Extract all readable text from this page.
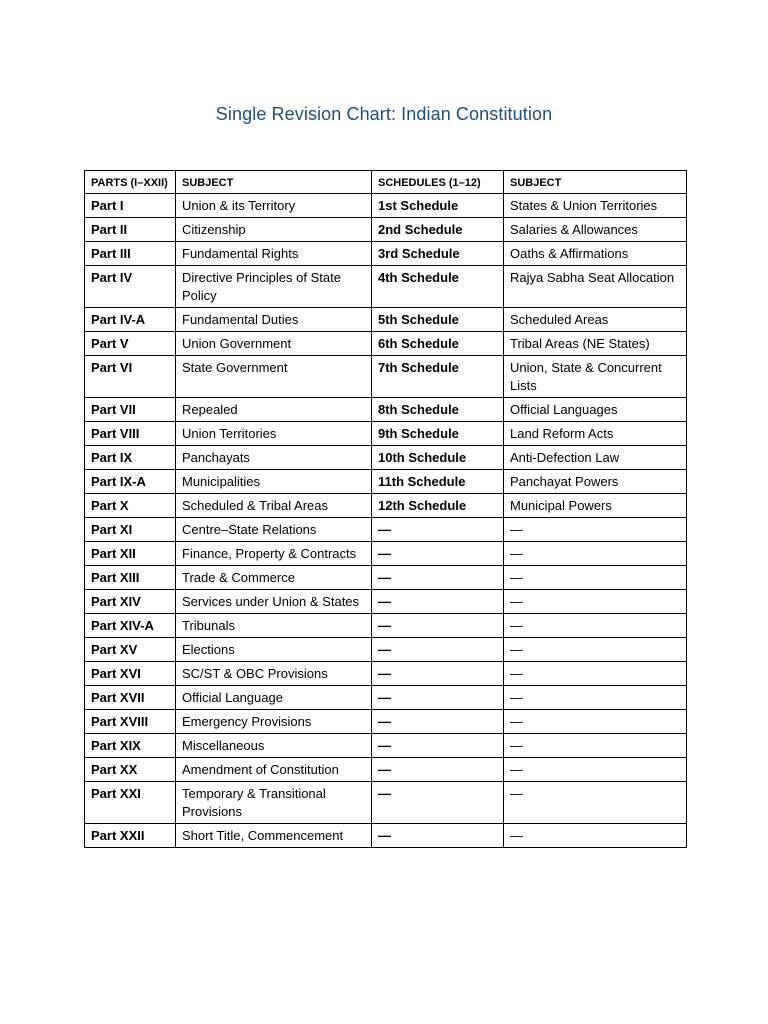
Single Revision Chart: Indian Constitution
PARTS (I–XXII)	SUBJECT	SCHEDULES (1–12)	SUBJECT
Part I	Union & its Territory	1st Schedule	States & Union Territories
Part II	Citizenship	2nd Schedule	Salaries & Allowances
Part III	Fundamental Rights	3rd Schedule	Oaths & Affirmations
Part IV	Directive Principles of State Policy	4th Schedule	Rajya Sabha Seat Allocation
Part IV-A	Fundamental Duties	5th Schedule	Scheduled Areas
Part V	Union Government	6th Schedule	Tribal Areas (NE States)
Part VI	State Government	7th Schedule	Union, State & Concurrent Lists
Part VII	Repealed	8th Schedule	Official Languages
Part VIII	Union Territories	9th Schedule	Land Reform Acts
Part IX	Panchayats	10th Schedule	Anti-Defection Law
Part IX-A	Municipalities	11th Schedule	Panchayat Powers
Part X	Scheduled & Tribal Areas	12th Schedule	Municipal Powers
Part XI	Centre–State Relations	—	—
Part XII	Finance, Property & Contracts	—	—
Part XIII	Trade & Commerce	—	—
Part XIV	Services under Union & States	—	—
Part XIV-A	Tribunals	—	—
Part XV	Elections	—	—
Part XVI	SC/ST & OBC Provisions	—	—
Part XVII	Official Language	—	—
Part XVIII	Emergency Provisions	—	—
Part XIX	Miscellaneous	—	—
Part XX	Amendment of Constitution	—	—
Part XXI	Temporary & Transitional Provisions	—	—
Part XXII	Short Title, Commencement	—	—
